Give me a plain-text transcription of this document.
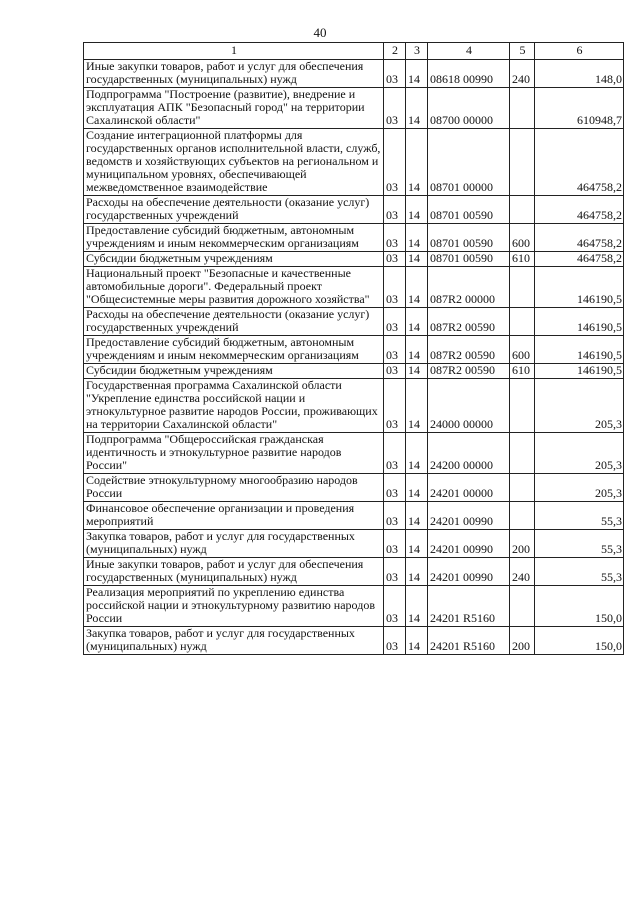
40
1	2	3	4	5	6
Иные закупки товаров, работ и услуг для обеспечения государственных (муниципальных) нужд	03	14	08618 00990	240	148,0
Подпрограмма "Построение (развитие), внедрение и эксплуатация АПК "Безопасный город" на территории Сахалинской области"	03	14	08700 00000		610948,7
Создание интеграционной платформы для государственных органов исполнительной власти, служб, ведомств и хозяйствующих субъектов на региональном и муниципальном уровнях, обеспечивающей межведомственное взаимодействие	03	14	08701 00000		464758,2
Расходы на обеспечение деятельности (оказание услуг) государственных учреждений	03	14	08701 00590		464758,2
Предоставление субсидий бюджетным, автономным учреждениям и иным некоммерческим организациям	03	14	08701 00590	600	464758,2
Субсидии бюджетным учреждениям	03	14	08701 00590	610	464758,2
Национальный проект "Безопасные и качественные автомобильные дороги". Федеральный проект "Общесистемные меры развития дорожного хозяйства"	03	14	087R2 00000		146190,5
Расходы на обеспечение деятельности (оказание услуг) государственных учреждений	03	14	087R2 00590		146190,5
Предоставление субсидий бюджетным, автономным учреждениям и иным некоммерческим организациям	03	14	087R2 00590	600	146190,5
Субсидии бюджетным учреждениям	03	14	087R2 00590	610	146190,5
Государственная программа Сахалинской области "Укрепление единства российской нации и этнокультурное развитие народов России, проживающих на территории Сахалинской области"	03	14	24000 00000		205,3
Подпрограмма "Общероссийская гражданская идентичность и этнокультурное развитие народов России"	03	14	24200 00000		205,3
Содействие этнокультурному многообразию народов России	03	14	24201 00000		205,3
Финансовое обеспечение организации и проведения мероприятий	03	14	24201 00990		55,3
Закупка товаров, работ и услуг для государственных (муниципальных) нужд	03	14	24201 00990	200	55,3
Иные закупки товаров, работ и услуг для обеспечения государственных (муниципальных) нужд	03	14	24201 00990	240	55,3
Реализация мероприятий по укреплению единства российской нации и этнокультурному развитию народов России	03	14	24201 R5160		150,0
Закупка товаров, работ и услуг для государственных (муниципальных) нужд	03	14	24201 R5160	200	150,0
